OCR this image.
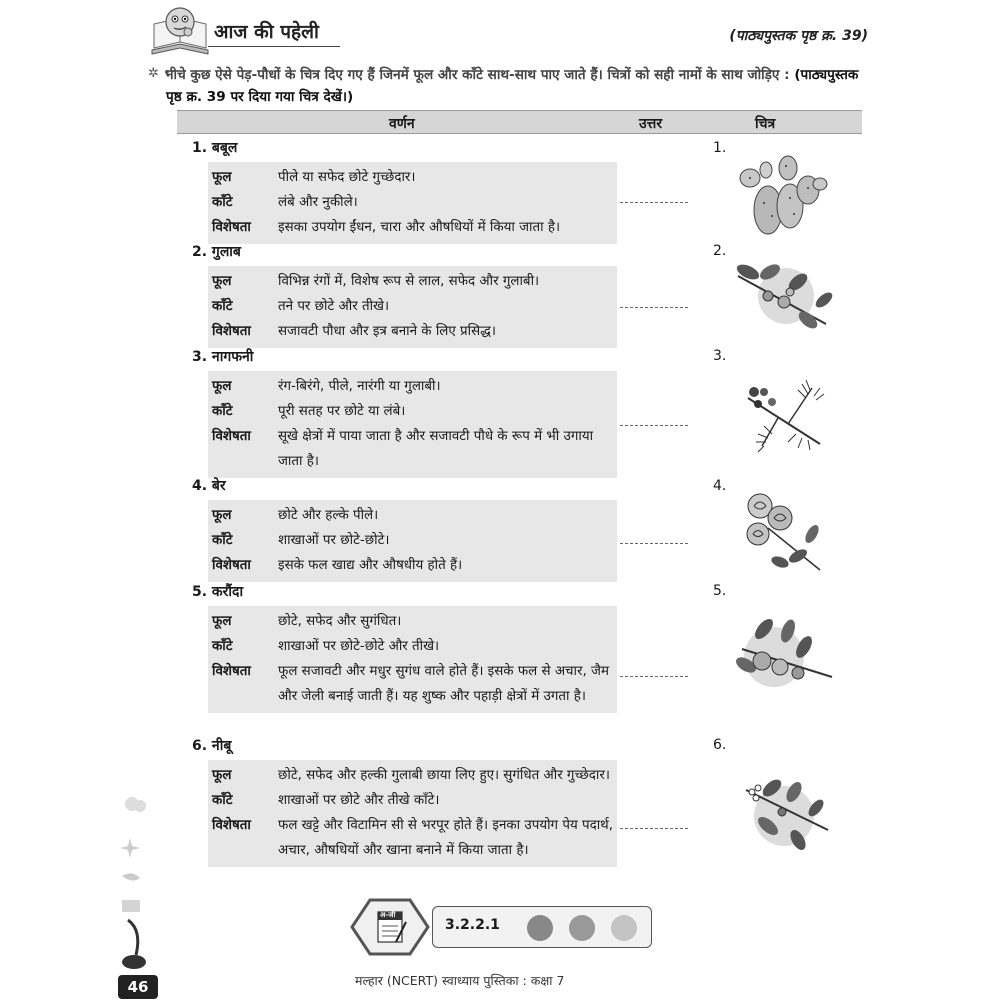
आज की पहेली	(पाठ्यपुस्तक पृष्ठ क्र. 39)
✲ •
नीचे कुछ ऐसे पेड़-पौधों के चित्र दिए गए हैं जिनमें फूल और काँटे साथ-साथ पाए जाते हैं। चित्रों को सही नामों के साथ जोड़िए : (पाठ्यपुस्तक पृष्ठ क्र. 39 पर दिया गया चित्र देखें।)
वर्णन	उत्तर	चित्र
1. बबूल
फूल	पीले या सफेद छोटे गुच्छेदार।
काँटे	लंबे और नुकीले।
विशेषता	इसका उपयोग ईंधन, चारा और औषधियों में किया जाता है।
2. गुलाब
फूल	विभिन्न रंगों में, विशेष रूप से लाल, सफेद और गुलाबी।
काँटे	तने पर छोटे और तीखे।
विशेषता	सजावटी पौधा और इत्र बनाने के लिए प्रसिद्ध।
3. नागफनी
फूल	रंग-बिरंगे, पीले, नारंगी या गुलाबी।
काँटे	पूरी सतह पर छोटे या लंबे।
विशेषता	सूखे क्षेत्रों में पाया जाता है और सजावटी पौधे के रूप में भी उगाया जाता है।
4. बेर
फूल	छोटे और हल्के पीले।
काँटे	शाखाओं पर छोटे-छोटे।
विशेषता	इसके फल खाद्य और औषधीय होते हैं।
5. करौंदा
फूल	छोटे, सफेद और सुगंधित।
काँटे	शाखाओं पर छोटे-छोटे और तीखे।
विशेषता	फूल सजावटी और मधुर सुगंध वाले होते हैं। इसके फल से अचार, जैम और जेली बनाई जाती हैं। यह शुष्क और पहाड़ी क्षेत्रों में उगता है।
6. नीबू
फूल	छोटे, सफेद और हल्की गुलाबी छाया लिए हुए। सुगंधित और गुच्छेदार।
काँटे	शाखाओं पर छोटे और तीखे काँटे।
विशेषता	फल खट्टे और विटामिन सी से भरपूर होते हैं। इनका उपयोग पेय पदार्थ, अचार, औषधियों और खाना बनाने में किया जाता है।
1.
2.
3.
4.
5.
6.
अ-जी
3.2.2.1
46	मल्हार (NCERT) स्वाध्याय पुस्तिका : कक्षा 7
